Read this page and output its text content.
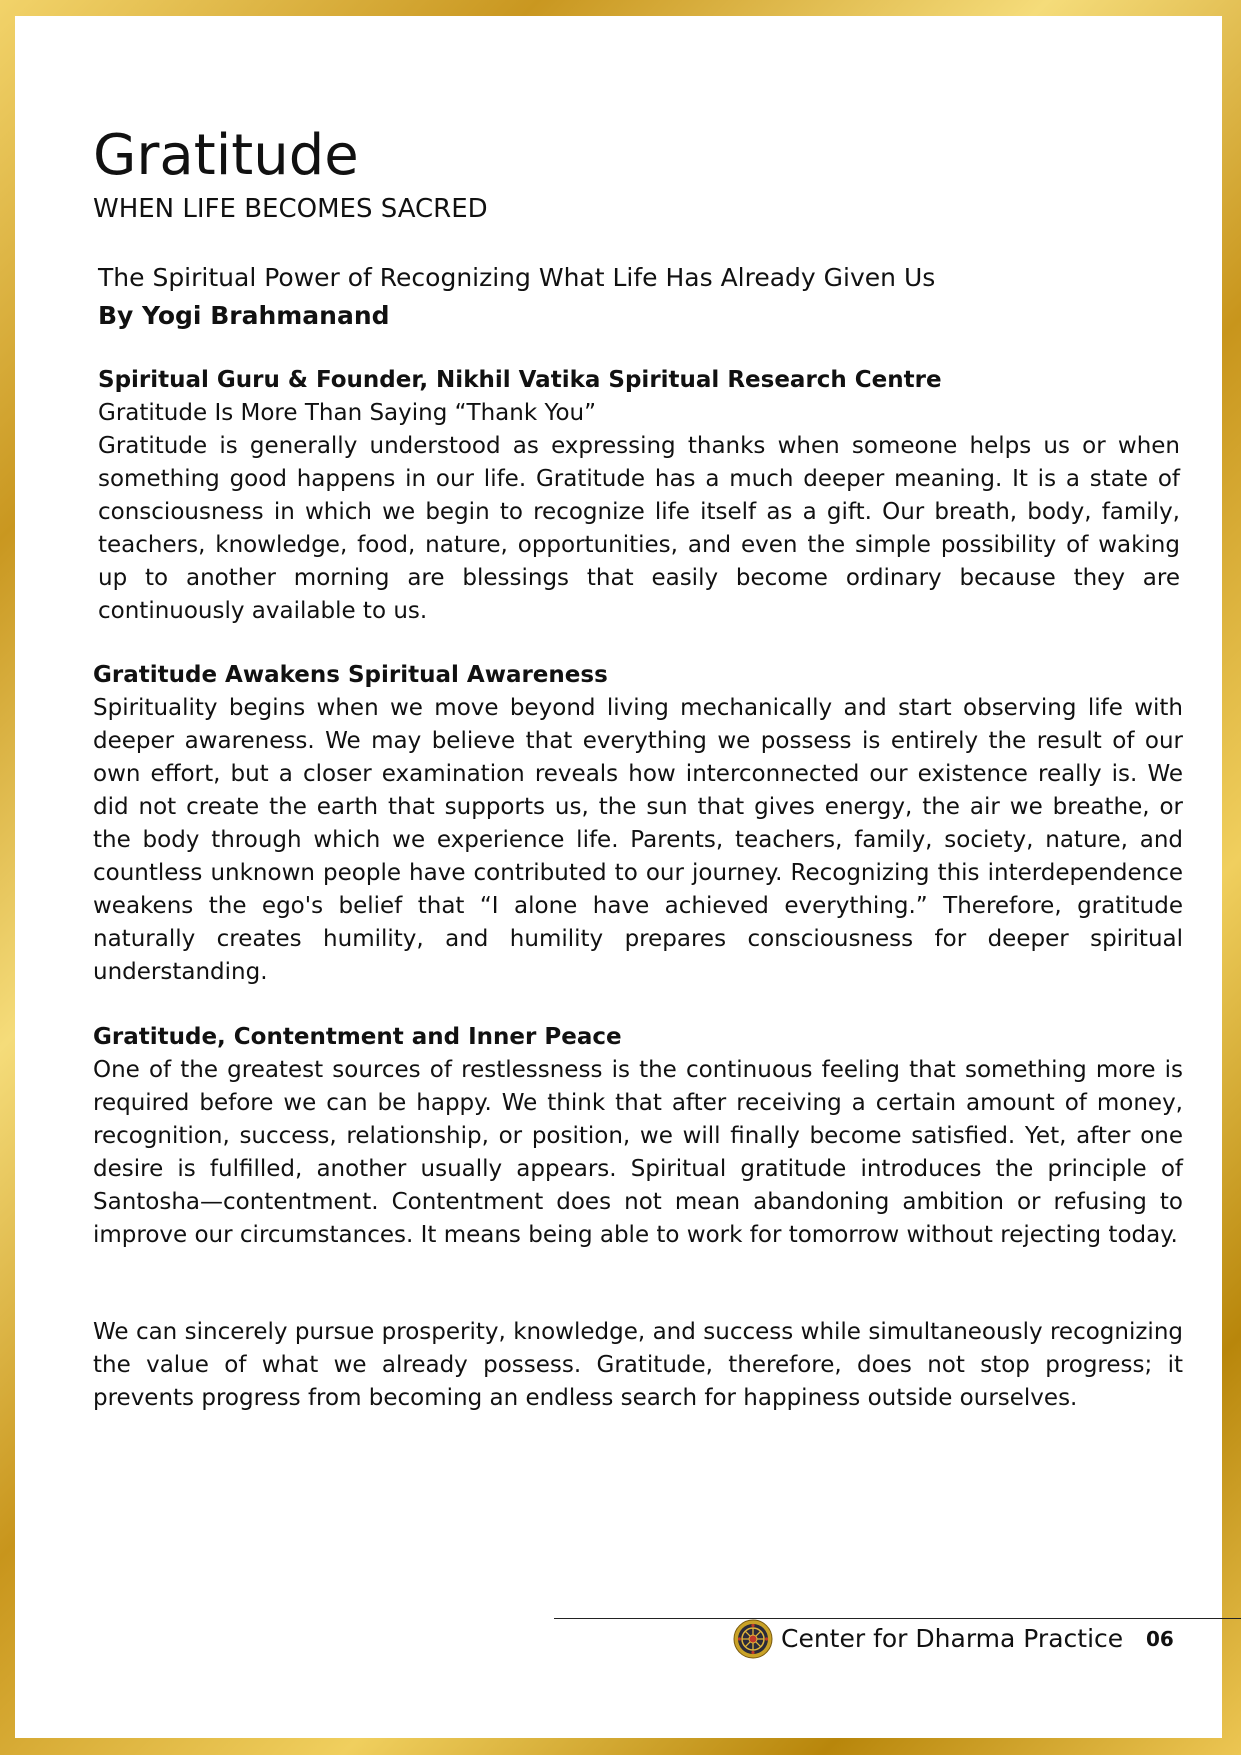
Gratitude

WHEN LIFE BECOMES SACRED

The Spiritual Power of Recognizing What Life Has Already Given Us

By Yogi Brahmanand

Spiritual Guru & Founder, Nikhil Vatika Spiritual Research Centre
Gratitude Is More Than Saying “Thank You”
Gratitude is generally understood as expressing thanks when someone helps us or when something good happens in our life. Gratitude has a much deeper meaning. It is a state of consciousness in which we begin to recognize life itself as a gift. Our breath, body, family, teachers, knowledge, food, nature, opportunities, and even the simple possibility of waking up to another morning are blessings that easily become ordinary because they are continuously available to us.
Gratitude Awakens Spiritual Awareness
Spirituality begins when we move beyond living mechanically and start observing life with deeper awareness. We may believe that everything we possess is entirely the result of our own effort, but a closer examination reveals how interconnected our existence really is. We did not create the earth that supports us, the sun that gives energy, the air we breathe, or the body through which we experience life. Parents, teachers, family, society, nature, and countless unknown people have contributed to our journey. Recognizing this interdependence weakens the ego's belief that “I alone have achieved everything.” Therefore, gratitude naturally creates humility, and humility prepares consciousness for deeper spiritual understanding.
Gratitude, Contentment and Inner Peace
One of the greatest sources of restlessness is the continuous feeling that something more is required before we can be happy. We think that after receiving a certain amount of money, recognition, success, relationship, or position, we will finally become satisfied. Yet, after one desire is fulfilled, another usually appears. Spiritual gratitude introduces the principle of Santosha—contentment. Contentment does not mean abandoning ambition or refusing to improve our circumstances. It means being able to work for tomorrow without rejecting today.
We can sincerely pursue prosperity, knowledge, and success while simultaneously recognizing the value of what we already possess. Gratitude, therefore, does not stop progress; it prevents progress from becoming an endless search for happiness outside ourselves.

Center for Dharma Practice 06
